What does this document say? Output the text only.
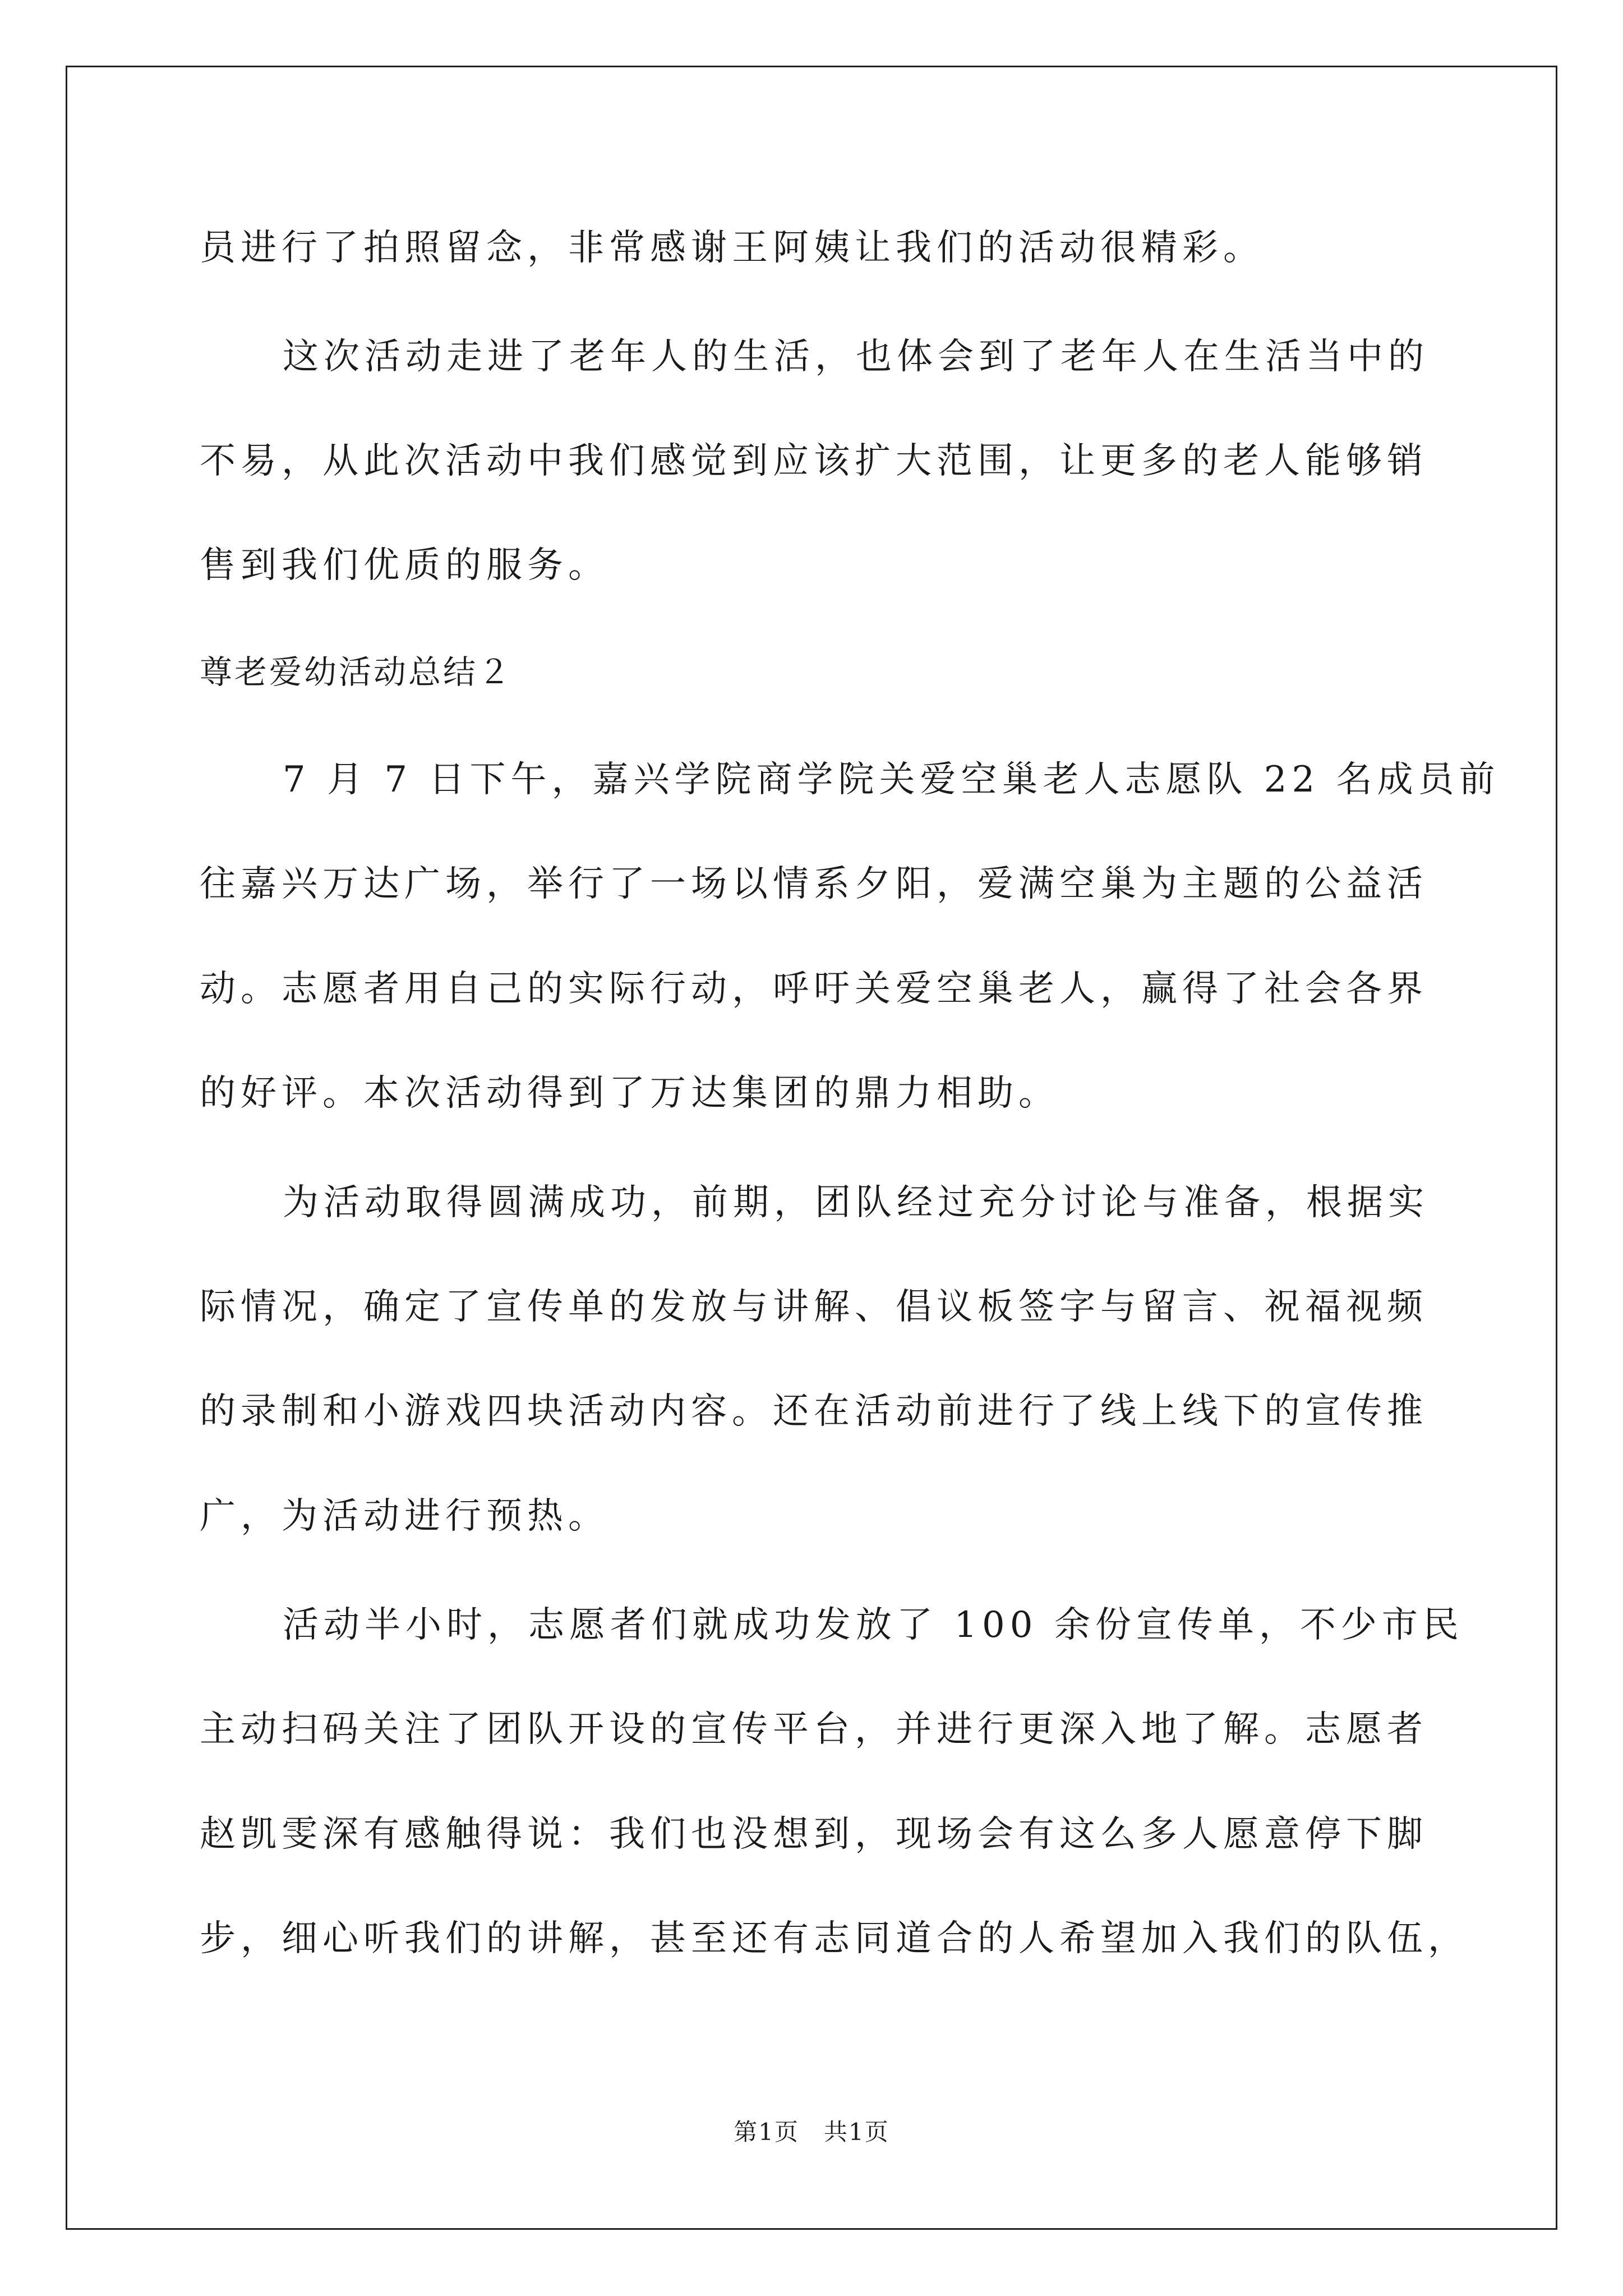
员进行了拍照留念，非常感谢王阿姨让我们的活动很精彩。
这次活动走进了老年人的生活，也体会到了老年人在生活当中的
不易，从此次活动中我们感觉到应该扩大范围，让更多的老人能够销
售到我们优质的服务。
尊老爱幼活动总结２
7 月 7 日下午，嘉兴学院商学院关爱空巢老人志愿队 22 名成员前
往嘉兴万达广场，举行了一场以情系夕阳，爱满空巢为主题的公益活
动。志愿者用自己的实际行动，呼吁关爱空巢老人，赢得了社会各界
的好评。本次活动得到了万达集团的鼎力相助。
为活动取得圆满成功，前期，团队经过充分讨论与准备，根据实
际情况，确定了宣传单的发放与讲解、倡议板签字与留言、祝福视频
的录制和小游戏四块活动内容。还在活动前进行了线上线下的宣传推
广，为活动进行预热。
活动半小时，志愿者们就成功发放了 100 余份宣传单，不少市民
主动扫码关注了团队开设的宣传平台，并进行更深入地了解。志愿者
赵凯雯深有感触得说：我们也没想到，现场会有这么多人愿意停下脚
步，细心听我们的讲解，甚至还有志同道合的人希望加入我们的队伍，
第1页　共1页
